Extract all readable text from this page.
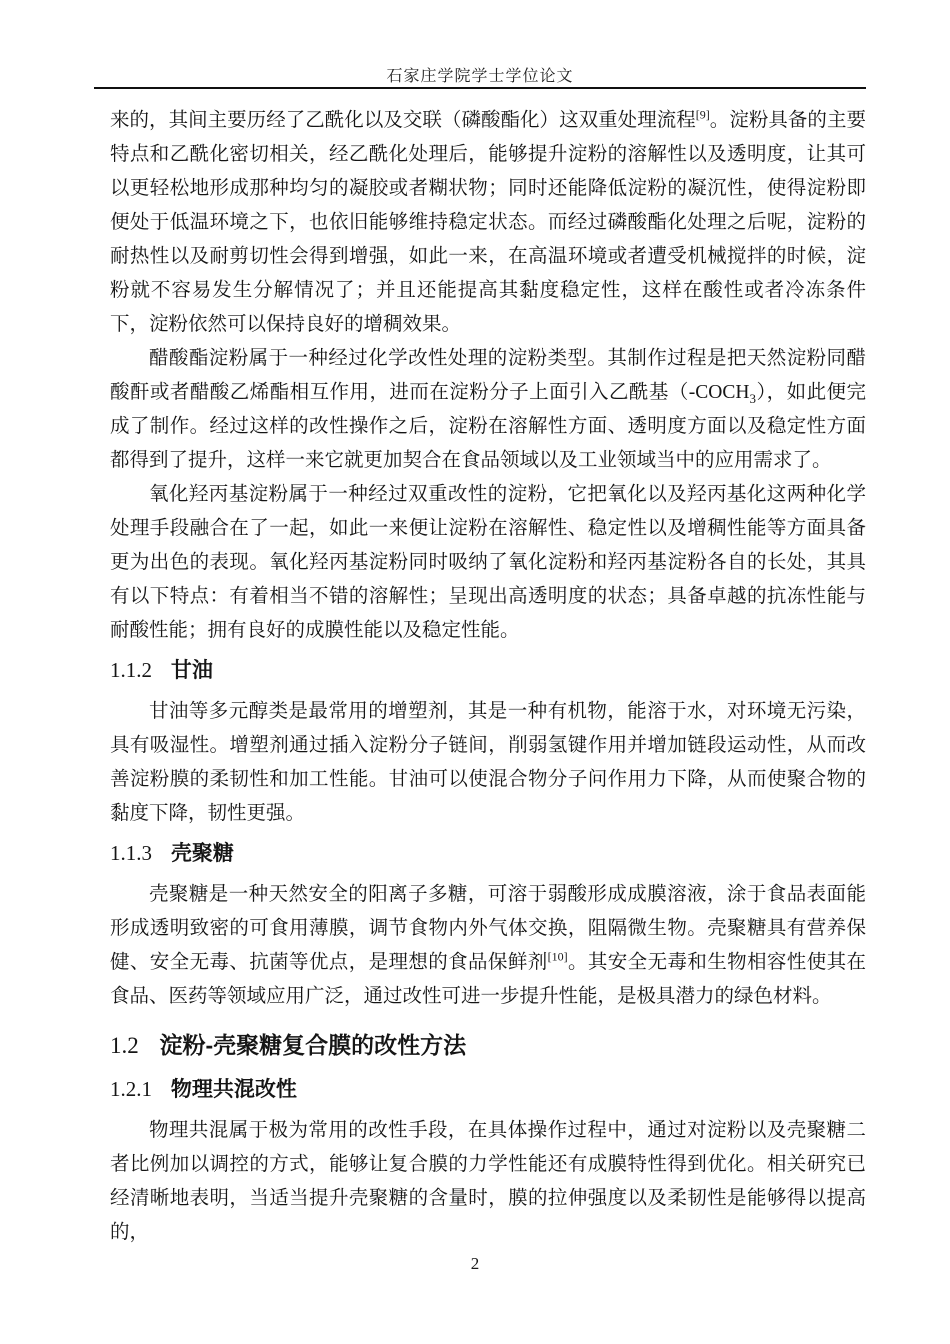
石家庄学院学士学位论文

来的，其间主要历经了乙酰化以及交联（磷酸酯化）这双重处理流程[9]。淀粉具备的主要特点和乙酰化密切相关，经乙酰化处理后，能够提升淀粉的溶解性以及透明度，让其可以更轻松地形成那种均匀的凝胶或者糊状物；同时还能降低淀粉的凝沉性，使得淀粉即便处于低温环境之下，也依旧能够维持稳定状态。而经过磷酸酯化处理之后呢，淀粉的耐热性以及耐剪切性会得到增强，如此一来，在高温环境或者遭受机械搅拌的时候，淀粉就不容易发生分解情况了；并且还能提高其黏度稳定性，这样在酸性或者冷冻条件下，淀粉依然可以保持良好的增稠效果。

醋酸酯淀粉属于一种经过化学改性处理的淀粉类型。其制作过程是把天然淀粉同醋酸酐或者醋酸乙烯酯相互作用，进而在淀粉分子上面引入乙酰基$(-COCH_3)$，如此便完成了制作。经过这样的改性操作之后，淀粉在溶解性方面、透明度方面以及稳定性方面都得到了提升，这样一来它就更加契合在食品领域以及工业领域当中的应用需求了。

氧化羟丙基淀粉属于一种经过双重改性的淀粉，它把氧化以及羟丙基化这两种化学处理手段融合在了一起，如此一来便让淀粉在溶解性、稳定性以及增稠性能等方面具备更为出色的表现。氧化羟丙基淀粉同时吸纳了氧化淀粉和羟丙基淀粉各自的长处，其具有以下特点：有着相当不错的溶解性；呈现出高透明度的状态；具备卓越的抗冻性能与耐酸性能；拥有良好的成膜性能以及稳定性能。

1.1.2 甘油

甘油等多元醇类是最常用的增塑剂，其是一种有机物，能溶于水，对环境无污染，具有吸湿性。增塑剂通过插入淀粉分子链间，削弱氢键作用并增加链段运动性，从而改善淀粉膜的柔韧性和加工性能。甘油可以使混合物分子问作用力下降，从而使聚合物的黏度下降，韧性更强。

1.1.3 壳聚糖

壳聚糖是一种天然安全的阳离子多糖，可溶于弱酸形成成膜溶液，涂于食品表面能形成透明致密的可食用薄膜，调节食物内外气体交换，阻隔微生物。壳聚糖具有营养保健、安全无毒、抗菌等优点，是理想的食品保鲜剂[10]。其安全无毒和生物相容性使其在食品、医药等领域应用广泛，通过改性可进一步提升性能，是极具潜力的绿色材料。

1.2 淀粉-壳聚糖复合膜的改性方法
1.2.1 物理共混改性

物理共混属于极为常用的改性手段，在具体操作过程中，通过对淀粉以及壳聚糖二者比例加以调控的方式，能够让复合膜的力学性能还有成膜特性得到优化。相关研究已经清晰地表明，当适当提升壳聚糖的含量时，膜的拉伸强度以及柔韧性是能够得以提高的，

2
